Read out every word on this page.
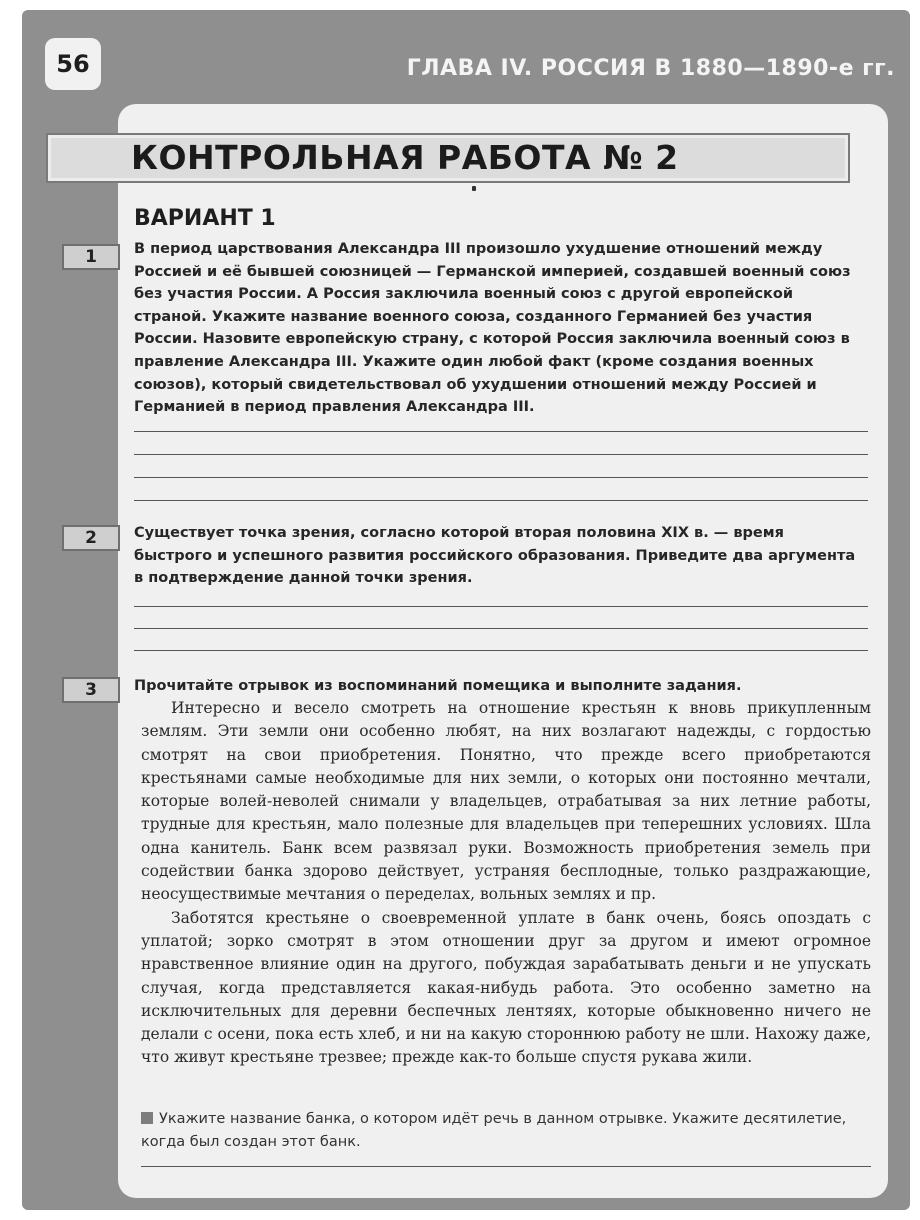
56	ГЛАВА IV. РОССИЯ В 1880—1890-е гг.
КОНТРОЛЬНАЯ РАБОТА № 2
ВАРИАНТ 1
1	В период царствования Александра III произошло ухудшение отношений между Россией и её бывшей союзницей — Германской империей, создавшей военный союз без участия России. А Россия заключила военный союз с другой европейской страной. Укажите название военного союза, созданного Германией без участия России. Назовите европейскую страну, с которой Россия заключила военный союз в правление Александра III. Укажите один любой факт (кроме создания военных союзов), который свидетельствовал об ухудшении отношений между Россией и Германией в период правления Александра III.
2	Существует точка зрения, согласно которой вторая половина XIX в. — время быстрого и успешного развития российского образования. Приведите два аргумента в подтверждение данной точки зрения.
3	Прочитайте отрывок из воспоминаний помещика и выполните задания.

Интересно и весело смотреть на отношение крестьян к вновь прикупленным землям. Эти земли они особенно любят, на них возлагают надежды, с гордостью смотрят на свои приобретения. Понятно, что прежде всего приобретаются крестьянами самые необходимые для них земли, о которых они постоянно мечтали, которые волей-неволей снимали у владельцев, отрабатывая за них летние работы, трудные для крестьян, мало полезные для владельцев при теперешних условиях. Шла одна канитель. Банк всем развязал руки. Возможность приобретения земель при содействии банка здорово действует, устраняя бесплодные, только раздражающие, неосуществимые мечтания о переделах, вольных землях и пр.

Заботятся крестьяне о своевременной уплате в банк очень, боясь опоздать с уплатой; зорко смотрят в этом отношении друг за другом и имеют огромное нравственное влияние один на другого, побуждая зарабатывать деньги и не упускать случая, когда представляется какая-нибудь работа. Это особенно заметно на исключительных для деревни беспечных лентяях, которые обыкновенно ничего не делали с осени, пока есть хлеб, и ни на какую стороннюю работу не шли. Нахожу даже, что живут крестьяне трезвее; прежде как-то больше спустя рукава жили.

Укажите название банка, о котором идёт речь в данном отрывке. Укажите десятилетие, когда был создан этот банк.
